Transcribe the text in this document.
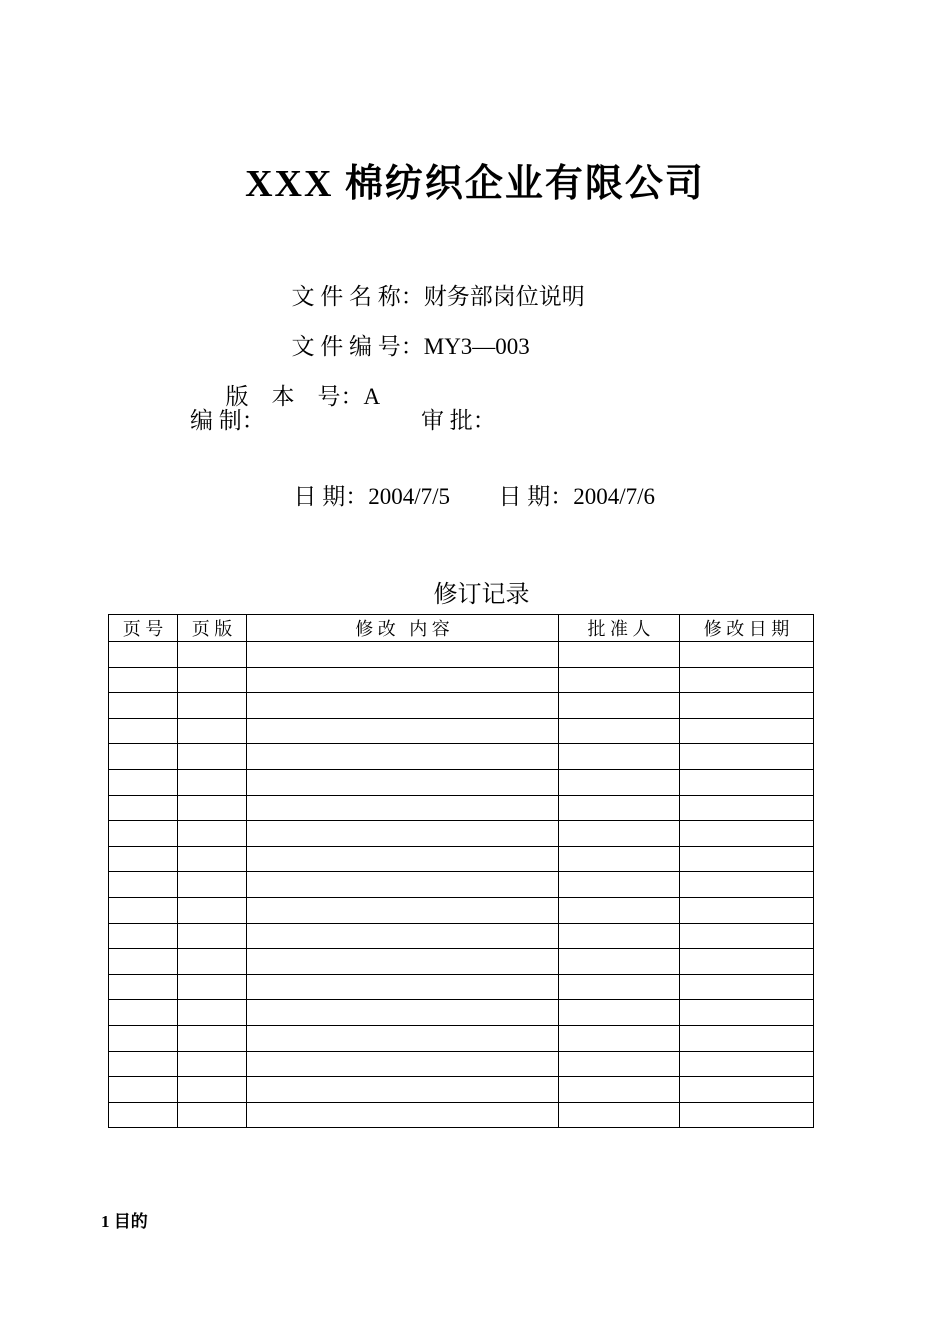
XXX 棉纺织企业有限公司

文 件 名 称：财务部岗位说明

文 件 编 号：MY3—003

版    本    号：A

编 制：	审 批：

日 期：2004/7/5	日 期：2004/7/6

修订记录
页 号	页 版	修 改   内 容	批 准 人	修 改 日 期

1 目的
